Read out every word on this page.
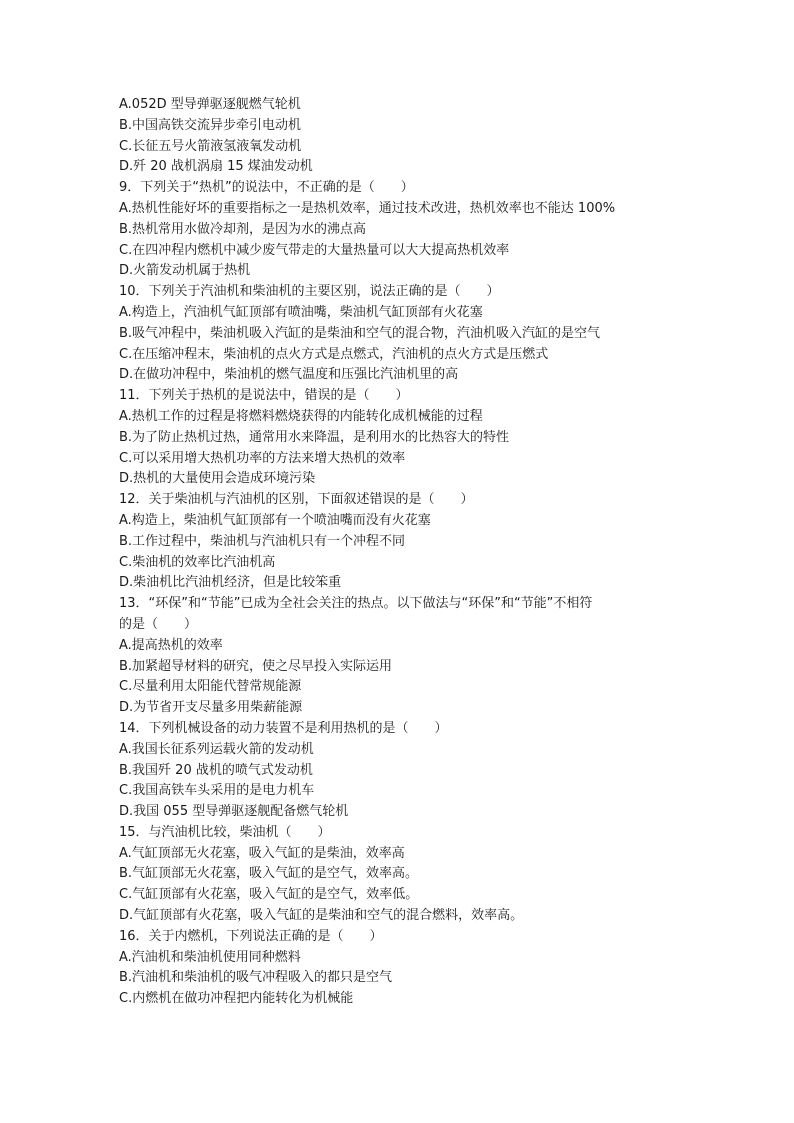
A.052D 型导弹驱逐舰燃气轮机
B.中国高铁交流异步牵引电动机
C.长征五号火箭液氢液氧发动机
D.歼 20 战机涡扇 15 煤油发动机
9．下列关于“热机”的说法中，不正确的是（　　）
A.热机性能好坏的重要指标之一是热机效率，通过技术改进，热机效率也不能达 100%
B.热机常用水做冷却剂，是因为水的沸点高
C.在四冲程内燃机中减少废气带走的大量热量可以大大提高热机效率
D.火箭发动机属于热机
10．下列关于汽油机和柴油机的主要区别，说法正确的是（　　）
A.构造上，汽油机气缸顶部有喷油嘴，柴油机气缸顶部有火花塞
B.吸气冲程中，柴油机吸入汽缸的是柴油和空气的混合物，汽油机吸入汽缸的是空气
C.在压缩冲程末，柴油机的点火方式是点燃式，汽油机的点火方式是压燃式
D.在做功冲程中，柴油机的燃气温度和压强比汽油机里的高
11．下列关于热机的是说法中，错误的是（　　）
A.热机工作的过程是将燃料燃烧获得的内能转化成机械能的过程
B.为了防止热机过热，通常用水来降温，是利用水的比热容大的特性
C.可以采用增大热机功率的方法来增大热机的效率
D.热机的大量使用会造成环境污染
12．关于柴油机与汽油机的区别，下面叙述错误的是（　　）
A.构造上，柴油机气缸顶部有一个喷油嘴而没有火花塞
B.工作过程中，柴油机与汽油机只有一个冲程不同
C.柴油机的效率比汽油机高
D.柴油机比汽油机经济，但是比较笨重
13．“环保”和“节能”已成为全社会关注的热点。以下做法与“环保”和“节能”不相符
的是（　　）
A.提高热机的效率
B.加紧超导材料的研究，使之尽早投入实际运用
C.尽量利用太阳能代替常规能源
D.为节省开支尽量多用柴薪能源
14．下列机械设备的动力装置不是利用热机的是（　　）
A.我国长征系列运载火箭的发动机
B.我国歼 20 战机的喷气式发动机
C.我国高铁车头采用的是电力机车
D.我国 055 型导弹驱逐舰配备燃气轮机
15．与汽油机比较，柴油机（　　）
A.气缸顶部无火花塞，吸入气缸的是柴油，效率高
B.气缸顶部无火花塞，吸入气缸的是空气，效率高。
C.气缸顶部有火花塞，吸入气缸的是空气，效率低。
D.气缸顶部有火花塞，吸入气缸的是柴油和空气的混合燃料，效率高。
16．关于内燃机，下列说法正确的是（　　）
A.汽油机和柴油机使用同种燃料
B.汽油机和柴油机的吸气冲程吸入的都只是空气
C.内燃机在做功冲程把内能转化为机械能
